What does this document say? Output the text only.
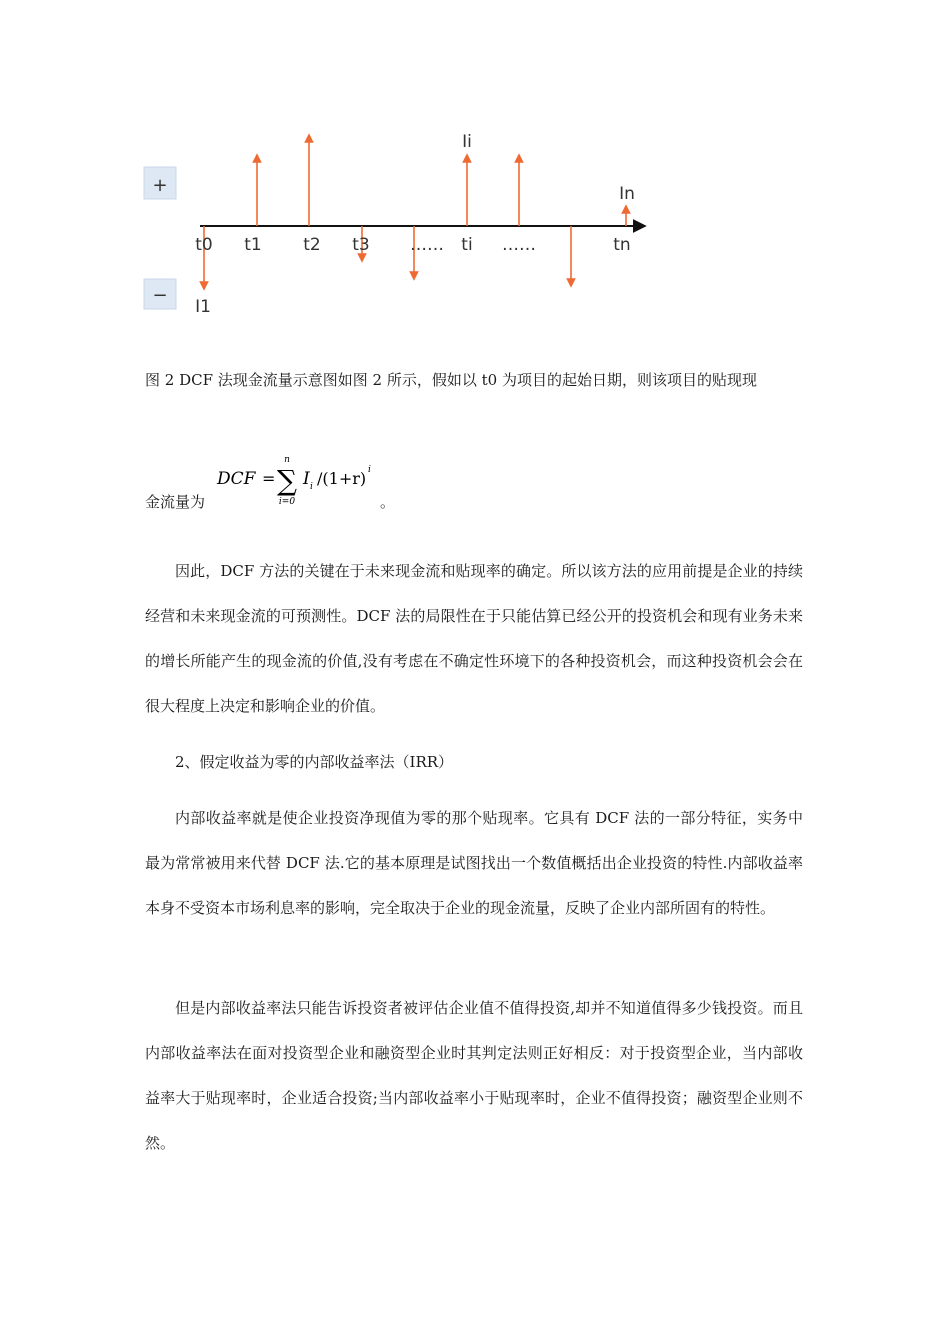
+
−
t0 t1 t2 t3 …… ti ……	tn
I1
Ii
In

图 2 DCF 法现金流量示意图如图 2 所示，假如以 t0 为项目的起始日期，则该项目的贴现现

金流量为

DCF =
n
∑
i=0
I i /(1+r) i
。

因此，DCF 方法的关键在于未来现金流和贴现率的确定。所以该方法的应用前提是企业的持续经营和未来现金流的可预测性。DCF 法的局限性在于只能估算已经公开的投资机会和现有业务未来的增长所能产生的现金流的价值,没有考虑在不确定性环境下的各种投资机会，而这种投资机会会在很大程度上决定和影响企业的价值。

2、假定收益为零的内部收益率法（IRR）

内部收益率就是使企业投资净现值为零的那个贴现率。它具有 DCF 法的一部分特征，实务中最为常常被用来代替 DCF 法.它的基本原理是试图找出一个数值概括出企业投资的特性.内部收益率本身不受资本市场利息率的影响，完全取决于企业的现金流量，反映了企业内部所固有的特性。

但是内部收益率法只能告诉投资者被评估企业值不值得投资,却并不知道值得多少钱投资。而且内部收益率法在面对投资型企业和融资型企业时其判定法则正好相反：对于投资型企业，当内部收益率大于贴现率时，企业适合投资;当内部收益率小于贴现率时，企业不值得投资；融资型企业则不然。
